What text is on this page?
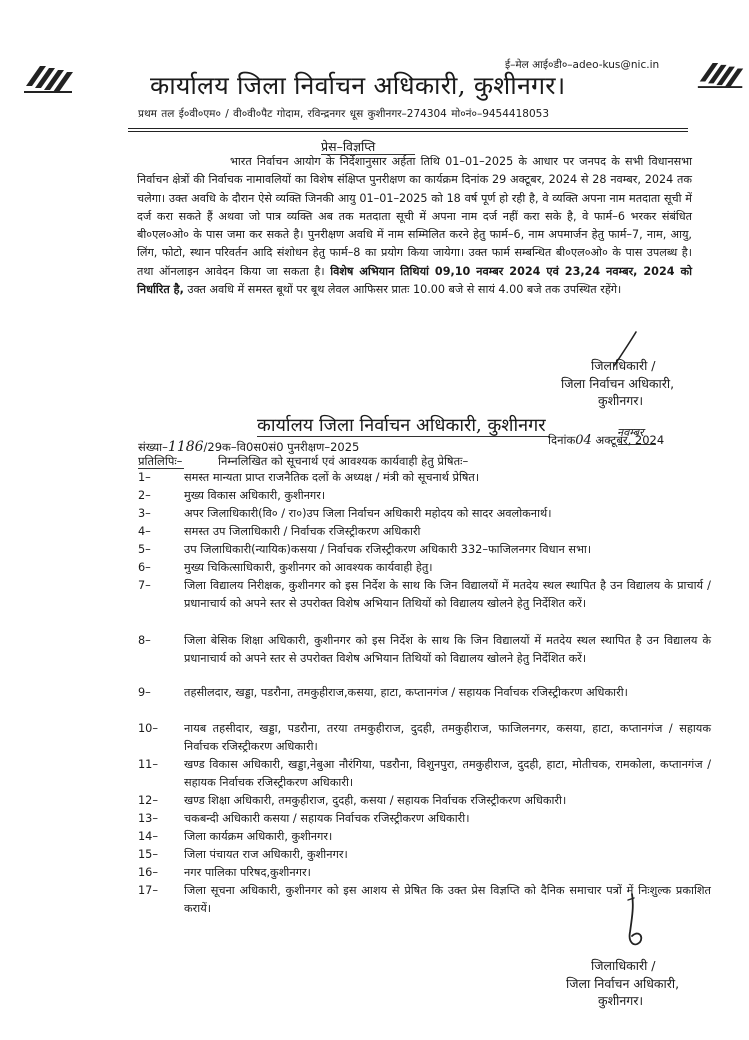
ई–मेल आई०डी०–adeo-kus@nic.in
कार्यालय जिला निर्वाचन अधिकारी, कुशीनगर।
प्रथम तल ई०वी०एम० / वी०वी०पैट गोदाम, रविन्द्रनगर धूस कुशीनगर–274304 मो०नं०–9454418053
प्रेस–विज्ञप्ति
भारत निर्वाचन आयोग के निर्देशानुसार अर्हता तिथि 01–01–2025 के आधार पर जनपद के सभी विधानसभा निर्वाचन क्षेत्रों की निर्वाचक नामावलियों का विशेष संक्षिप्त पुनरीक्षण का कार्यक्रम दिनांक 29 अक्टूबर, 2024 से 28 नवम्बर, 2024 तक चलेगा। उक्त अवधि के दौरान ऐसे व्यक्ति जिनकी आयु 01–01–2025 को 18 वर्ष पूर्ण हो रही है, वे व्यक्ति अपना नाम मतदाता सूची में दर्ज करा सकते हैं अथवा जो पात्र व्यक्ति अब तक मतदाता सूची में अपना नाम दर्ज नहीं करा सके है, वे फार्म–6 भरकर संबंधित बी०एल०ओ० के पास जमा कर सकते है। पुनरीक्षण अवधि में नाम सम्मिलित करने हेतु फार्म–6, नाम अपमार्जन हेतु फार्म–7, नाम, आयु, लिंग, फोटो, स्थान परिवर्तन आदि संशोधन हेतु फार्म–8 का प्रयोग किया जायेगा। उक्त फार्म सम्बन्धित बी०एल०ओ० के पास उपलब्ध है। तथा ऑनलाइन आवेदन किया जा सकता है। विशेष अभियान तिथियां 09,10 नवम्बर 2024 एवं 23,24 नवम्बर, 2024 को निर्धारित है, उक्त अवधि में समस्त बूथों पर बूथ लेवल आफिसर प्रातः 10.00 बजे से सायं 4.00 बजे तक उपस्थित रहेंगे।
जिलाधिकारी /
जिला निर्वाचन अधिकारी,
कुशीनगर।
कार्यालय जिला निर्वाचन अधिकारी, कुशीनगर
संख्या–1186/29क–वि0स0सं0 पुनरीक्षण–2025
नवम्बर
दिनांक04 अक्टूबर, 2024
प्रतिलिपिः–	निम्नलिखित को सूचनार्थ एवं आवश्यक कार्यवाही हेतु प्रेषितः–
1–	समस्त मान्यता प्राप्त राजनैतिक दलों के अध्यक्ष / मंत्री को सूचनार्थ प्रेषित।
2–	मुख्य विकास अधिकारी, कुशीनगर।
3–	अपर जिलाधिकारी(वि० / रा०)उप जिला निर्वाचन अधिकारी महोदय को सादर अवलोकनार्थ।
4–	समस्त उप जिलाधिकारी / निर्वाचक रजिस्ट्रीकरण अधिकारी
5–	उप जिलाधिकारी(न्यायिक)कसया / निर्वाचक रजिस्ट्रीकरण अधिकारी 332–फाजिलनगर विधान सभा।
6–	मुख्य चिकित्साधिकारी, कुशीनगर को आवश्यक कार्यवाही हेतु।
7–	जिला विद्यालय निरीक्षक, कुशीनगर को इस निर्देश के साथ कि जिन विद्यालयों में मतदेय स्थल स्थापित है उन विद्यालय के प्राचार्य / प्रधानाचार्य को अपने स्तर से उपरोक्त विशेष अभियान तिथियों को विद्यालय खोलने हेतु निर्देशित करें।
8–	जिला बेसिक शिक्षा अधिकारी, कुशीनगर को इस निर्देश के साथ कि जिन विद्यालयों में मतदेय स्थल स्थापित है उन विद्यालय के प्रधानाचार्य को अपने स्तर से उपरोक्त विशेष अभियान तिथियों को विद्यालय खोलने हेतु निर्देशित करें।
9–	तहसीलदार, खड्डा, पडरौना, तमकुहीराज,कसया, हाटा, कप्तानगंज / सहायक निर्वाचक रजिस्ट्रीकरण अधिकारी।
10–	नायब तहसीदार, खड्डा, पडरौना, तरया तमकुहीराज, दुदही, तमकुहीराज, फाजिलनगर, कसया, हाटा, कप्तानगंज / सहायक निर्वाचक रजिस्ट्रीकरण अधिकारी।
11–	खण्ड विकास अधिकारी, खड्डा,नेबुआ नौरंगिया, पडरौना, विशुनपुरा, तमकुहीराज, दुदही, हाटा, मोतीचक, रामकोला, कप्तानगंज / सहायक निर्वाचक रजिस्ट्रीकरण अधिकारी।
12–	खण्ड शिक्षा अधिकारी, तमकुहीराज, दुदही, कसया / सहायक निर्वाचक रजिस्ट्रीकरण अधिकारी।
13–	चकबन्दी अधिकारी कसया / सहायक निर्वाचक रजिस्ट्रीकरण अधिकारी।
14–	जिला कार्यक्रम अधिकारी, कुशीनगर।
15–	जिला पंचायत राज अधिकारी, कुशीनगर।
16–	नगर पालिका परिषद,कुशीनगर।
17–	जिला सूचना अधिकारी, कुशीनगर को इस आशय से प्रेषित कि उक्त प्रेस विज्ञप्ति को दैनिक समाचार पत्रों में निःशुल्क प्रकाशित करायें।
जिलाधिकारी /
जिला निर्वाचन अधिकारी,
कुशीनगर।
